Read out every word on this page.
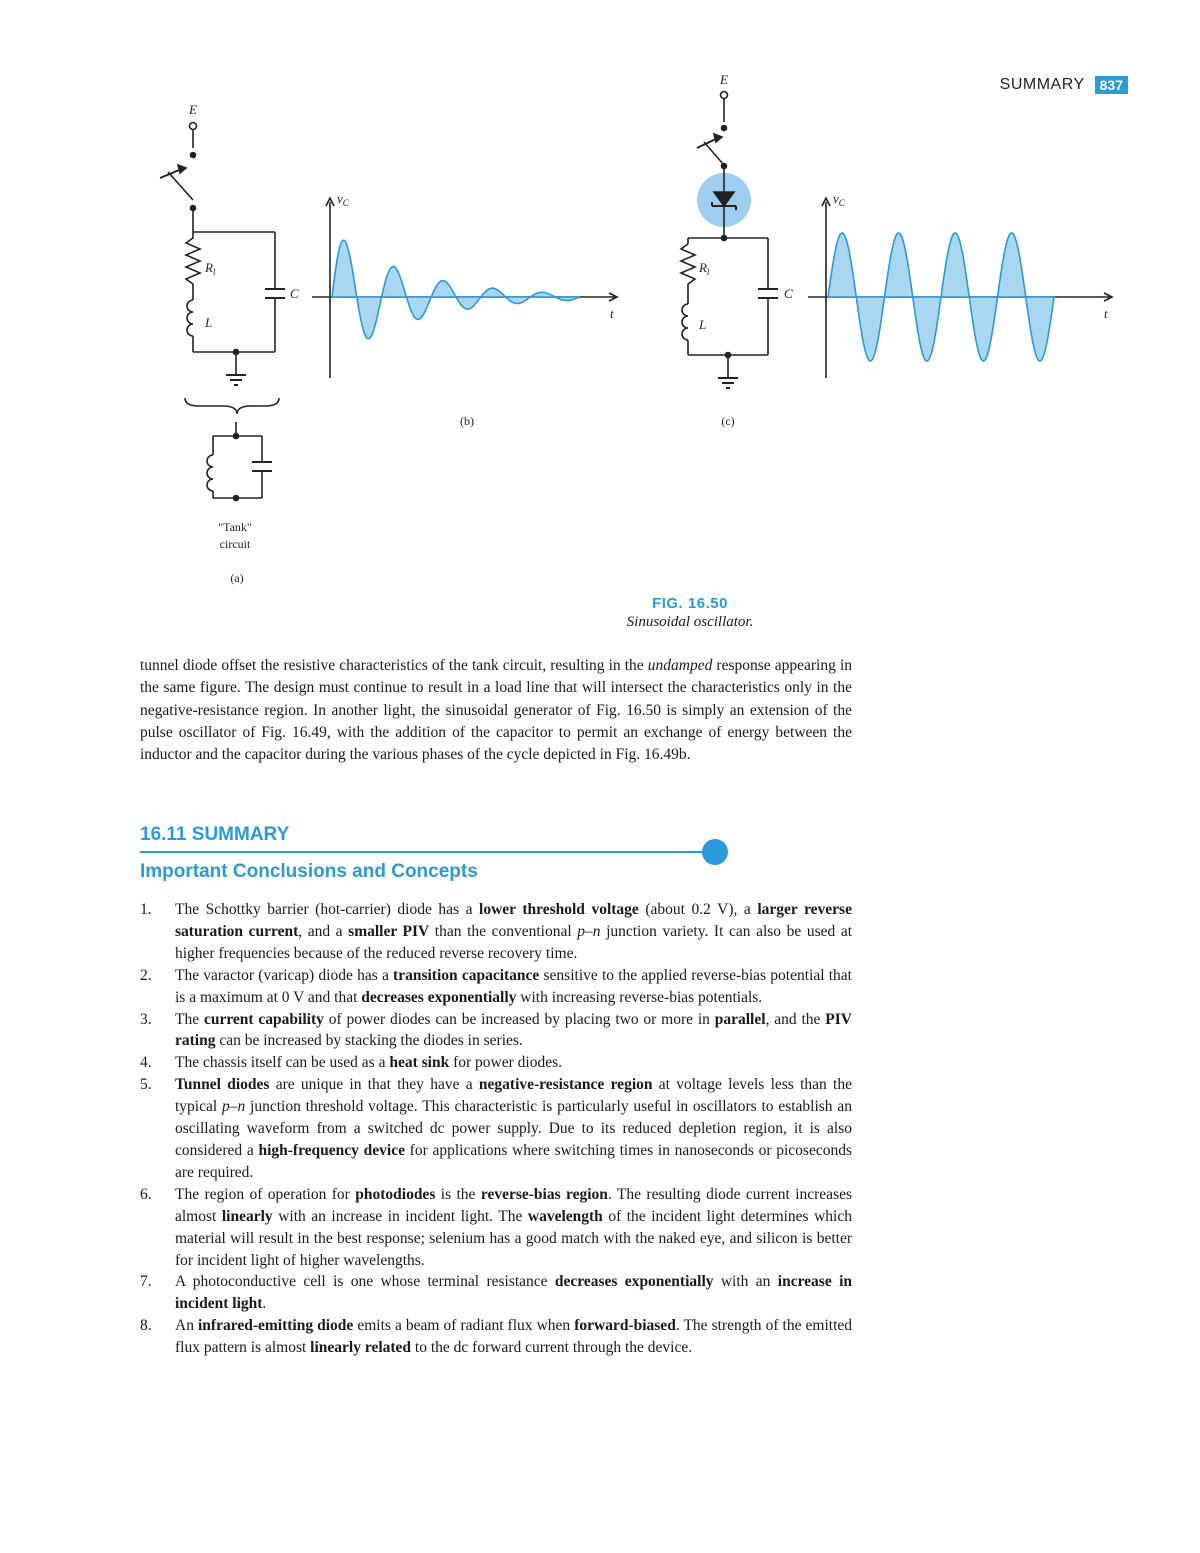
SUMMARY	837
E
E
$R_l$	$R_l$
L	L
C	C
$v_C$	$v_C$
t	t
"Tank"
circuit
(a)
(b)	(c)
FIG. 16.50
Sinusoidal oscillator.

tunnel diode offset the resistive characteristics of the tank circuit, resulting in the undamped response appearing in the same figure. The design must continue to result in a load line that will intersect the characteristics only in the negative-resistance region. In another light, the sinusoidal generator of Fig. 16.50 is simply an extension of the pulse oscillator of Fig. 16.49, with the addition of the capacitor to permit an exchange of energy between the inductor and the capacitor during the various phases of the cycle depicted in Fig. 16.49b.

16.11 SUMMARY
Important Conclusions and Concepts

1.	The Schottky barrier (hot-carrier) diode has a lower threshold voltage (about 0.2 V), a larger reverse saturation current, and a smaller PIV than the conventional p–n junction variety. It can also be used at higher frequencies because of the reduced reverse recovery time.

2.	The varactor (varicap) diode has a transition capacitance sensitive to the applied reverse-bias potential that is a maximum at 0 V and that decreases exponentially with increasing reverse-bias potentials.

3.	The current capability of power diodes can be increased by placing two or more in parallel, and the PIV rating can be increased by stacking the diodes in series.

4.	The chassis itself can be used as a heat sink for power diodes.

5.	Tunnel diodes are unique in that they have a negative-resistance region at voltage levels less than the typical p–n junction threshold voltage. This characteristic is particularly useful in oscillators to establish an oscillating waveform from a switched dc power supply. Due to its reduced depletion region, it is also considered a high-frequency device for applications where switching times in nanoseconds or picoseconds are required.

6.	The region of operation for photodiodes is the reverse-bias region. The resulting diode current increases almost linearly with an increase in incident light. The wavelength of the incident light determines which material will result in the best response; selenium has a good match with the naked eye, and silicon is better for incident light of higher wavelengths.

7.	A photoconductive cell is one whose terminal resistance decreases exponentially with an increase in incident light.

8.	An infrared-emitting diode emits a beam of radiant flux when forward-biased. The strength of the emitted flux pattern is almost linearly related to the dc forward current through the device.
